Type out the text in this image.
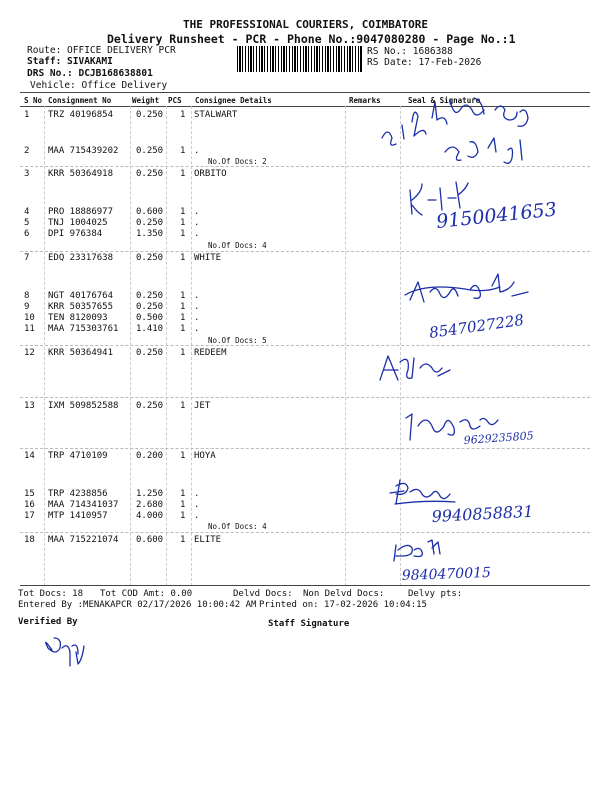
THE PROFESSIONAL COURIERS, COIMBATORE
Delivery Runsheet - PCR - Phone No.:9047080280 - Page No.:1
Route: OFFICE DELIVERY PCR
Staff: SIVAKAMI
DRS No.: DCJB168638801
Vehicle: Office Delivery
RS No.: 1686388
RS Date: 17-Feb-2026
S No Consignment No	Weight PCS Consignee Details	Remarks	Seal & Signature
1 TRZ 40196854	0.250 1 STALWART
2 MAA 715439202 0.250 1 .
No.Of Docs: 2
3 KRR 50364918	0.250 1 ORBITO
4 PRO 18886977	0.600 1 .
5 TNJ 1004025	0.250 1 .
6 DPI 976384	1.350 1 .
No.Of Docs: 4
7 EDQ 23317638	0.250 1 WHITE
8 NGT 40176764	0.250 1 .
9 KRR 50357655	0.250 1 .
10 TEN 8120093	0.500 1 .
11 MAA 715303761 1.410 1 .
No.Of Docs: 5
12 KRR 50364941	0.250 1 REDEEM
13 IXM 509852588 0.250 1 JET
14 TRP 4710109	0.200 1 HOYA
15 TRP 4238856	1.250 1 .
16 MAA 714341037 2.680 1 .
17 MTP 1410957	4.000 1 .
No.Of Docs: 4
18 MAA 715221074 0.600 1 ELITE
Tot Docs: 18 Tot COD Amt: 0.00	Delvd Docs: Non Delvd Docs:	Delvy pts:
Entered By :MENAKAPCR 02/17/2026 10:00:42 AM Printed on: 17-02-2026 10:04:15
Verified By	Staff Signature
9150041653
8547027228
9629235805
9940858831
9840470015
